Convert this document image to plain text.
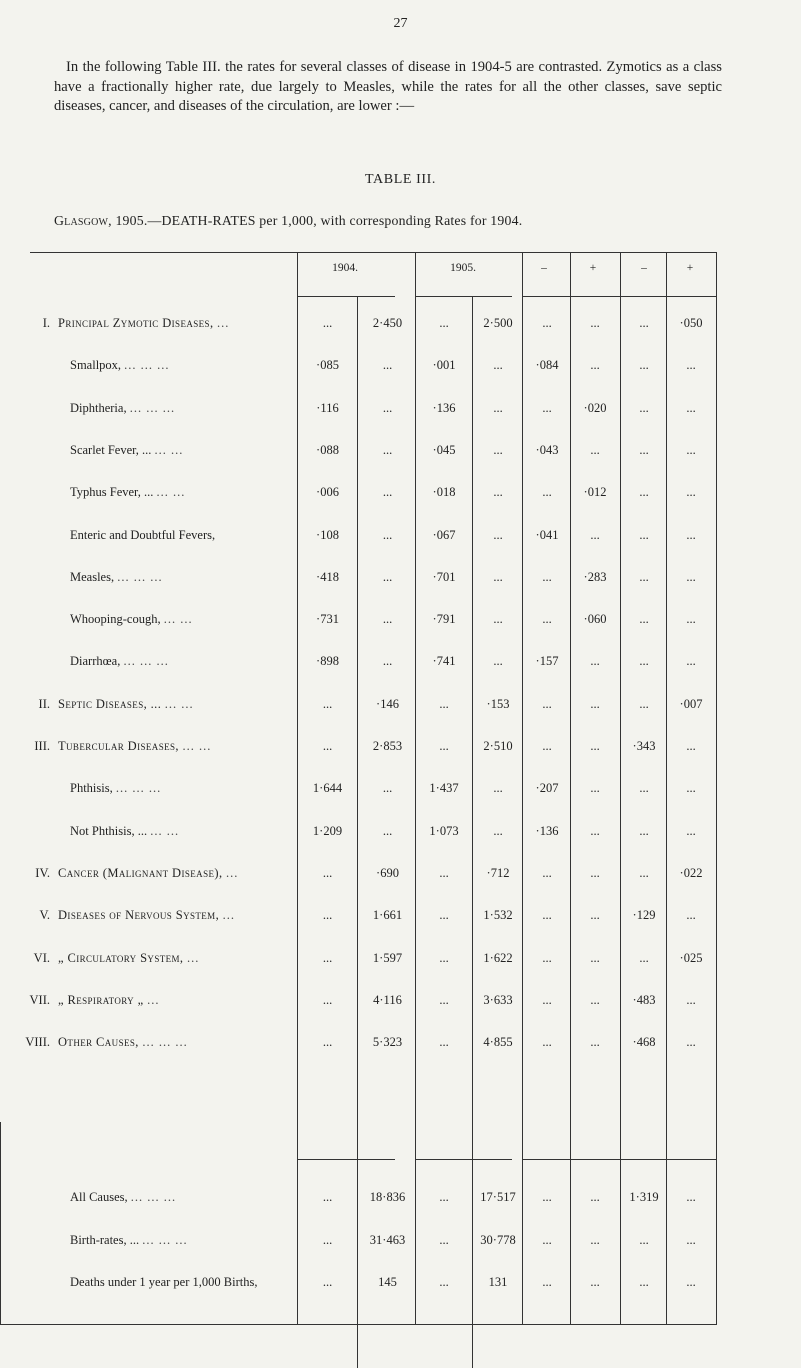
27
In the following Table III. the rates for several classes of disease in 1904-5 are contrasted. Zymotics as a class have a fractionally higher rate, due largely to Measles, while the rates for all the other classes, save septic diseases, cancer, and diseases of the circulation, are lower :—
TABLE III.
Glasgow, 1905.—DEATH-RATES per 1,000, with corresponding Rates for 1904.
1904.	1905.	–	+	–	+
I. Principal Zymotic Diseases, ...	...	2·450	...	2·500	...	...	...	·050
Smallpox, ... ... ...	·085	...	·001	...	·084	...	...	...
Diphtheria, ... ... ...	·116	...	·136	...	...	·020	...	...
Scarlet Fever, ... ... ...	·088	...	·045	...	·043	...	...	...
Typhus Fever, ... ... ...	·006	...	·018	...	...	·012	...	...
Enteric and Doubtful Fevers,	·108	...	·067	...	·041	...	...	...
Measles, ... ... ...	·418	...	·701	...	...	·283	...	...
Whooping-cough, ... ...	·731	...	·791	...	...	·060	...	...
Diarrhœa, ... ... ...	·898	...	·741	...	·157	...	...	...
II. Septic Diseases, ... ... ...	...	·146	...	·153	...	...	...	·007
III. Tubercular Diseases, ... ...	...	2·853	...	2·510	...	...	·343	...
Phthisis, ... ... ...	1·644	...	1·437	...	·207	...	...	...
Not Phthisis, ... ... ...	1·209	...	1·073	...	·136	...	...	...
IV. Cancer (Malignant Disease), ...	...	·690	...	·712	...	...	...	·022
V. Diseases of Nervous System, ...	...	1·661	...	1·532	...	...	·129	...
VI. „ Circulatory System, ...	...	1·597	...	1·622	...	...	...	·025
VII. „ Respiratory „ ...	...	4·116	...	3·633	...	...	·483	...
VIII. Other Causes, ... ... ...	...	5·323	...	4·855	...	...	·468	...
All Causes, ... ... ...	...	18·836	...	17·517	...	...	1·319	...
Birth-rates, ... ... ... ...	...	31·463	...	30·778	...	...	...	...
Deaths under 1 year per 1,000 Births,	...	145	...	131	...	...	...	...
